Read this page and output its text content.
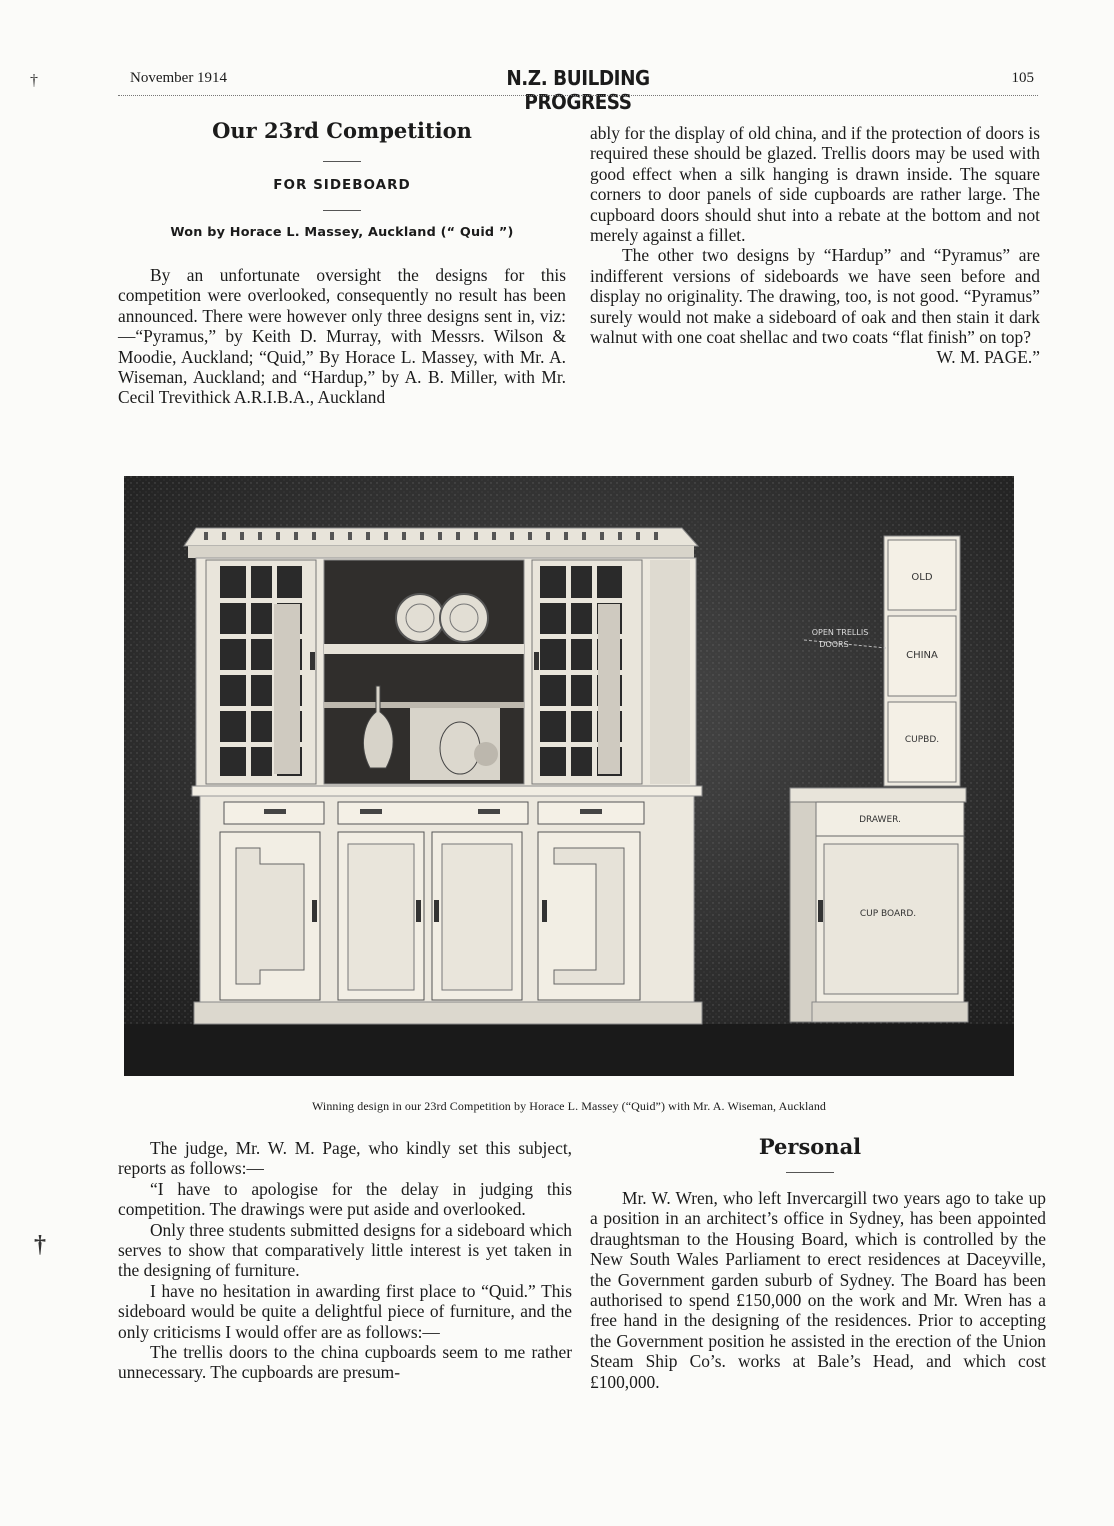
November 1914	N.Z. BUILDING PROGRESS
105
Our 23rd Competition
FOR SIDEBOARD
Won by Horace L. Massey, Auckland (“ Quid ”)

By an unfortunate oversight the designs for this competition were overlooked, consequently no result has been announced. There were however only three designs sent in, viz:—“Pyramus,” by Keith D. Murray, with Messrs. Wilson & Moodie, Auckland; “Quid,” By Horace L. Massey, with Mr. A. Wiseman, Auckland; and “Hardup,” by A. B. Miller, with Mr. Cecil Trevithick A.R.I.B.A., Auckland

ably for the display of old china, and if the protection of doors is required these should be glazed. Trellis doors may be used with good effect when a silk hanging is drawn inside. The square corners to door panels of side cupboards are rather large. The cupboard doors should shut into a rebate at the bottom and not merely against a fillet.

The other two designs by “Hardup” and “Pyramus” are indifferent versions of sideboards we have seen before and display no originality. The drawing, too, is not good. “Pyramus” surely would not make a sideboard of oak and then stain it dark walnut with one coat shellac and two coats “flat finish” on top?

W. M. PAGE.”

OLD
CHINA
CUPBD.
DRAWER.
CUP BOARD.
OPEN TRELLIS
DOORS
Winning design in our 23rd Competition by Horace L. Massey (“Quid”) with Mr. A. Wiseman, Auckland

The judge, Mr. W. M. Page, who kindly set this subject, reports as follows:—

“I have to apologise for the delay in judging this competition. The drawings were put aside and overlooked.

Only three students submitted designs for a sideboard which serves to show that comparatively little interest is yet taken in the designing of furniture.

I have no hesitation in awarding first place to “Quid.” This sideboard would be quite a delightful piece of furniture, and the only criticisms I would offer are as follows:—

The trellis doors to the china cupboards seem to me rather unnecessary. The cupboards are presum-

Personal

Mr. W. Wren, who left Invercargill two years ago to take up a position in an architect’s office in Sydney, has been appointed draughtsman to the Housing Board, which is controlled by the New South Wales Parliament to erect residences at Daceyville, the Government garden suburb of Sydney. The Board has been authorised to spend £150,000 on the work and Mr. Wren has a free hand in the designing of the residences. Prior to accepting the Government position he assisted in the erection of the Union Steam Ship Co’s. works at Bale’s Head, and which cost £100,000.

†
†
